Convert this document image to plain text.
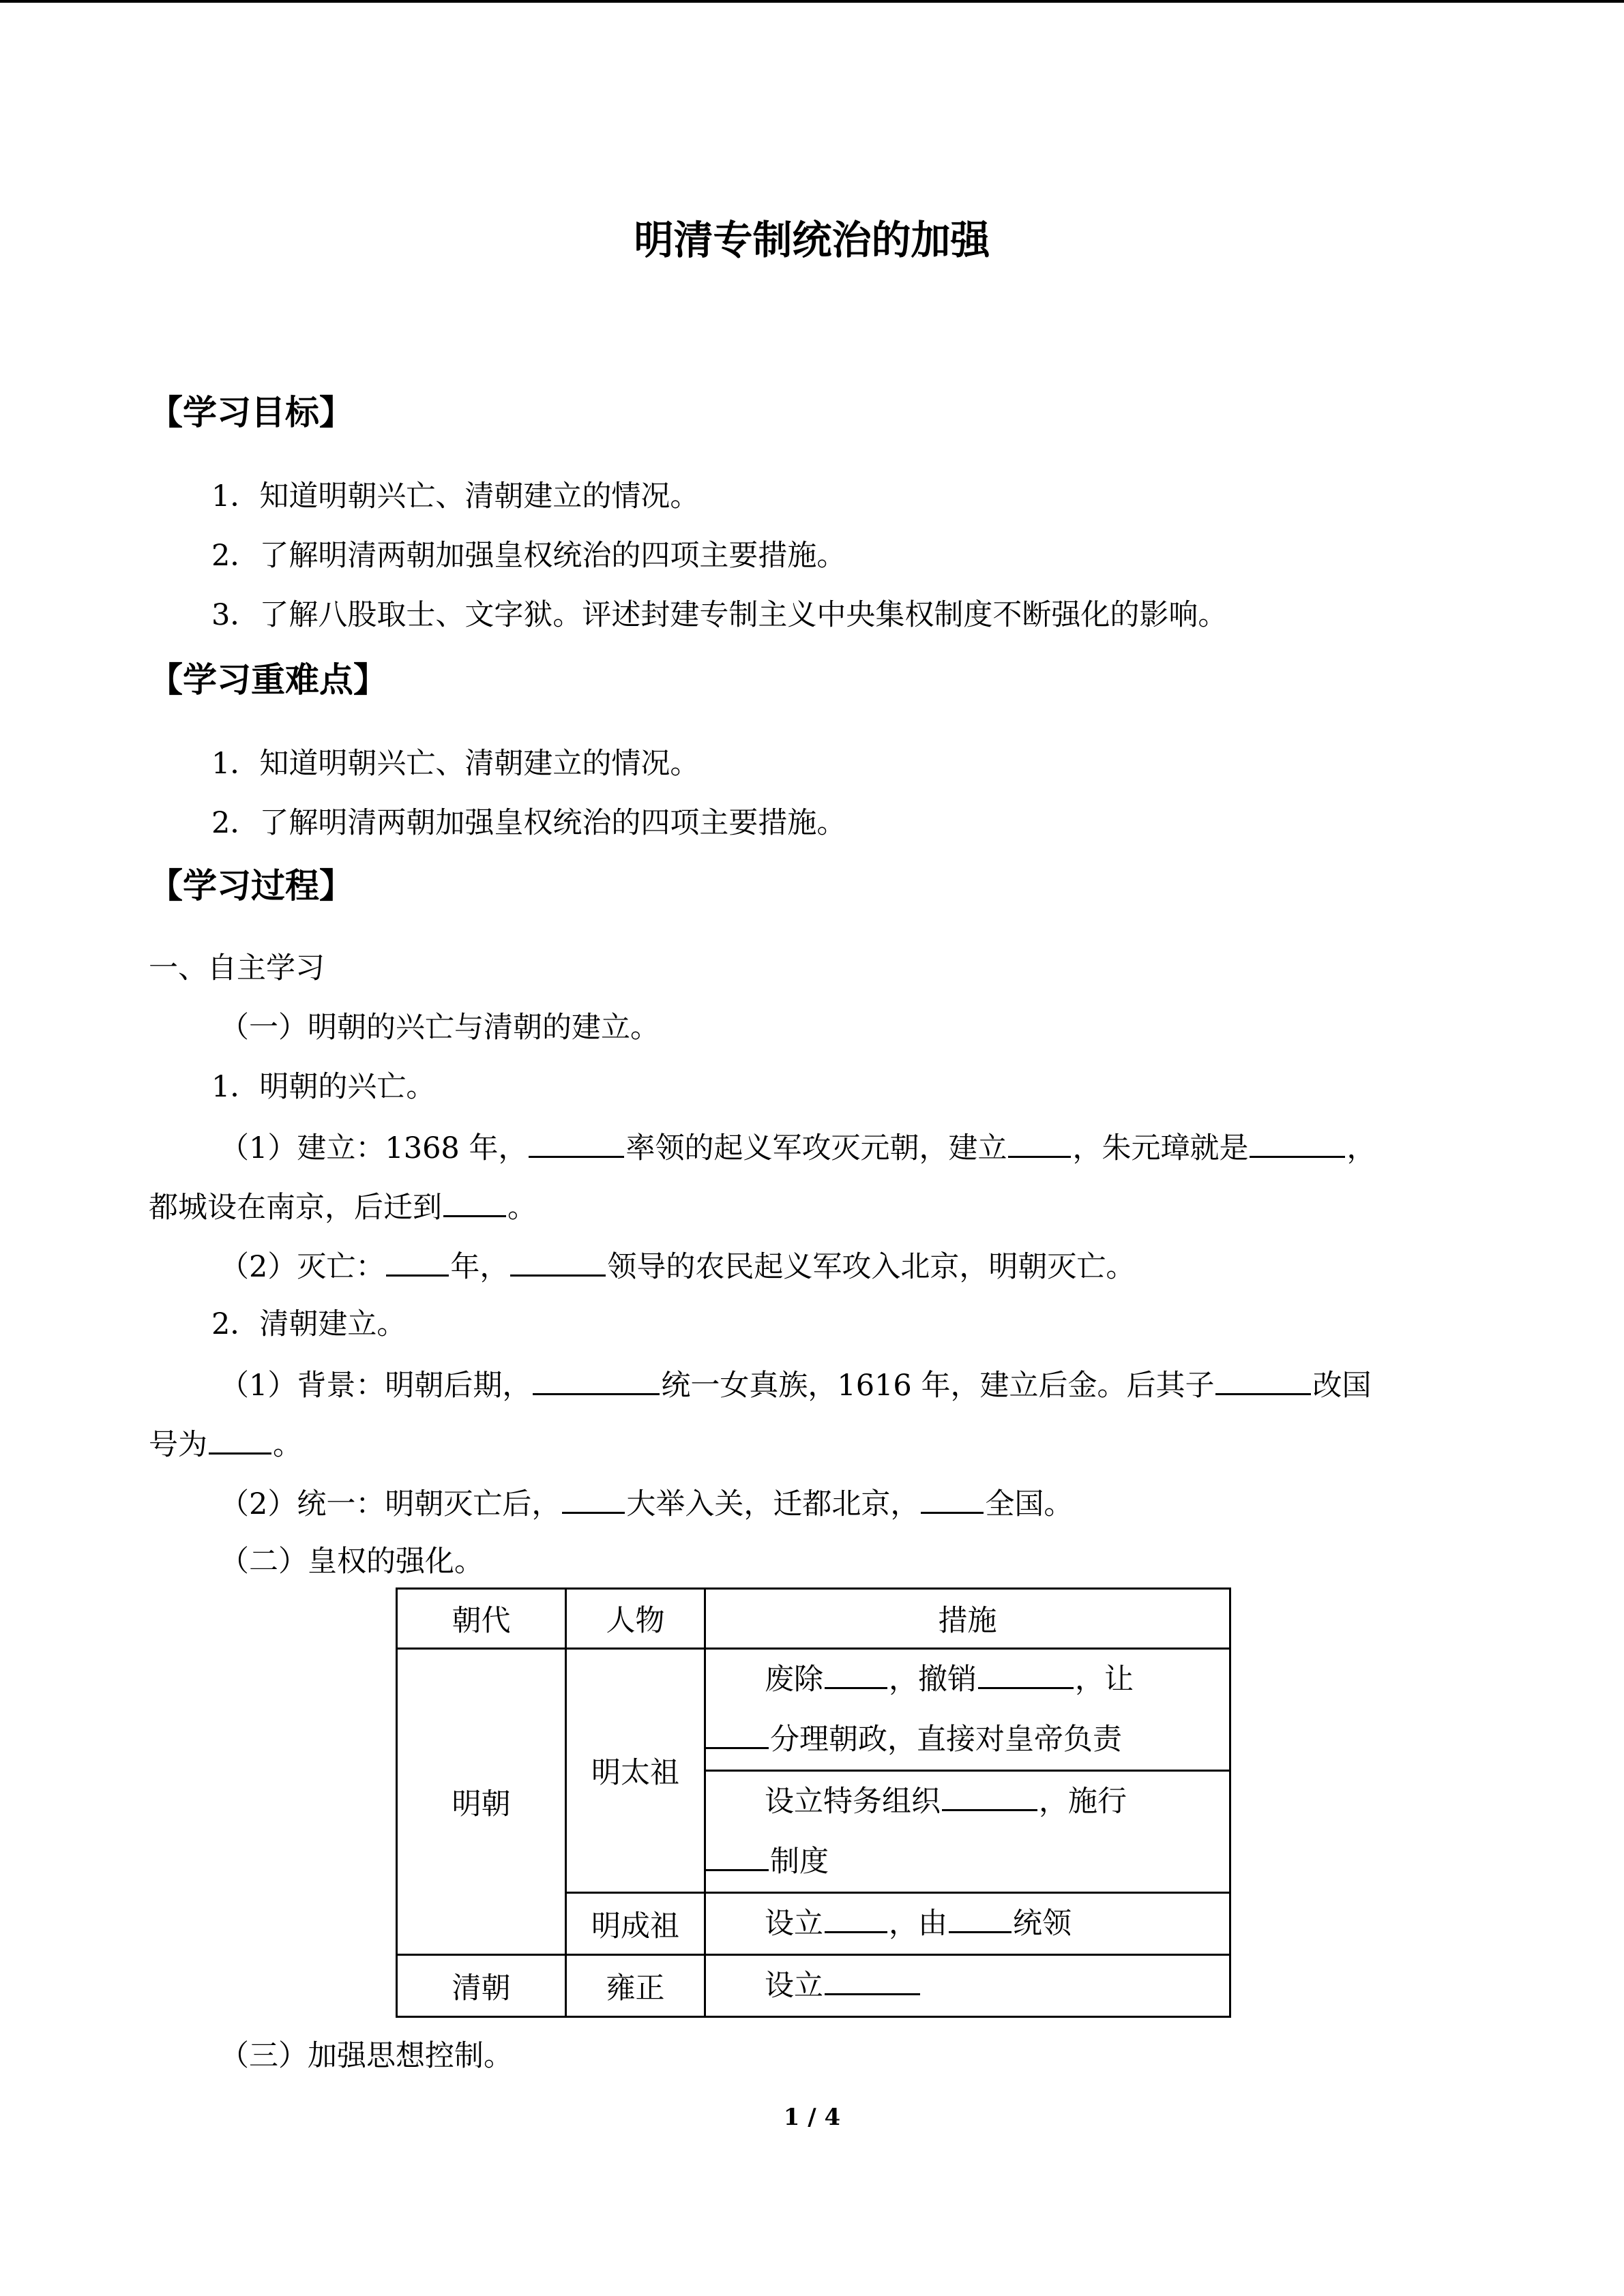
明清专制统治的加强
【学习目标】
1．知道明朝兴亡、清朝建立的情况。
2．了解明清两朝加强皇权统治的四项主要措施。
3．了解八股取士、文字狱。评述封建专制主义中央集权制度不断强化的影响。
【学习重难点】
1．知道明朝兴亡、清朝建立的情况。
2．了解明清两朝加强皇权统治的四项主要措施。
【学习过程】
一、自主学习
（一）明朝的兴亡与清朝的建立。
1．明朝的兴亡。
（1）建立：1368 年，	率领的起义军攻灭元朝，建立 ，朱元璋就是	，
都城设在南京，后迁到 。
（2）灭亡： 年，	领导的农民起义军攻入北京，明朝灭亡。
2．清朝建立。
（1）背景：明朝后期，	统一女真族，1616 年，建立后金。后其子	改国
号为 。
（2）统一：明朝灭亡后， 大举入关，迁都北京， 全国。
（二）皇权的强化。
朝代	人物	措施
明朝	明太祖	废除 ，撤销 ，让
分理朝政，直接对皇帝负责

		设立特务组织 ，施行
制度

	明成祖	设立 ，由 统领
清朝	雍正	设立
（三）加强思想控制。
1 / 4
